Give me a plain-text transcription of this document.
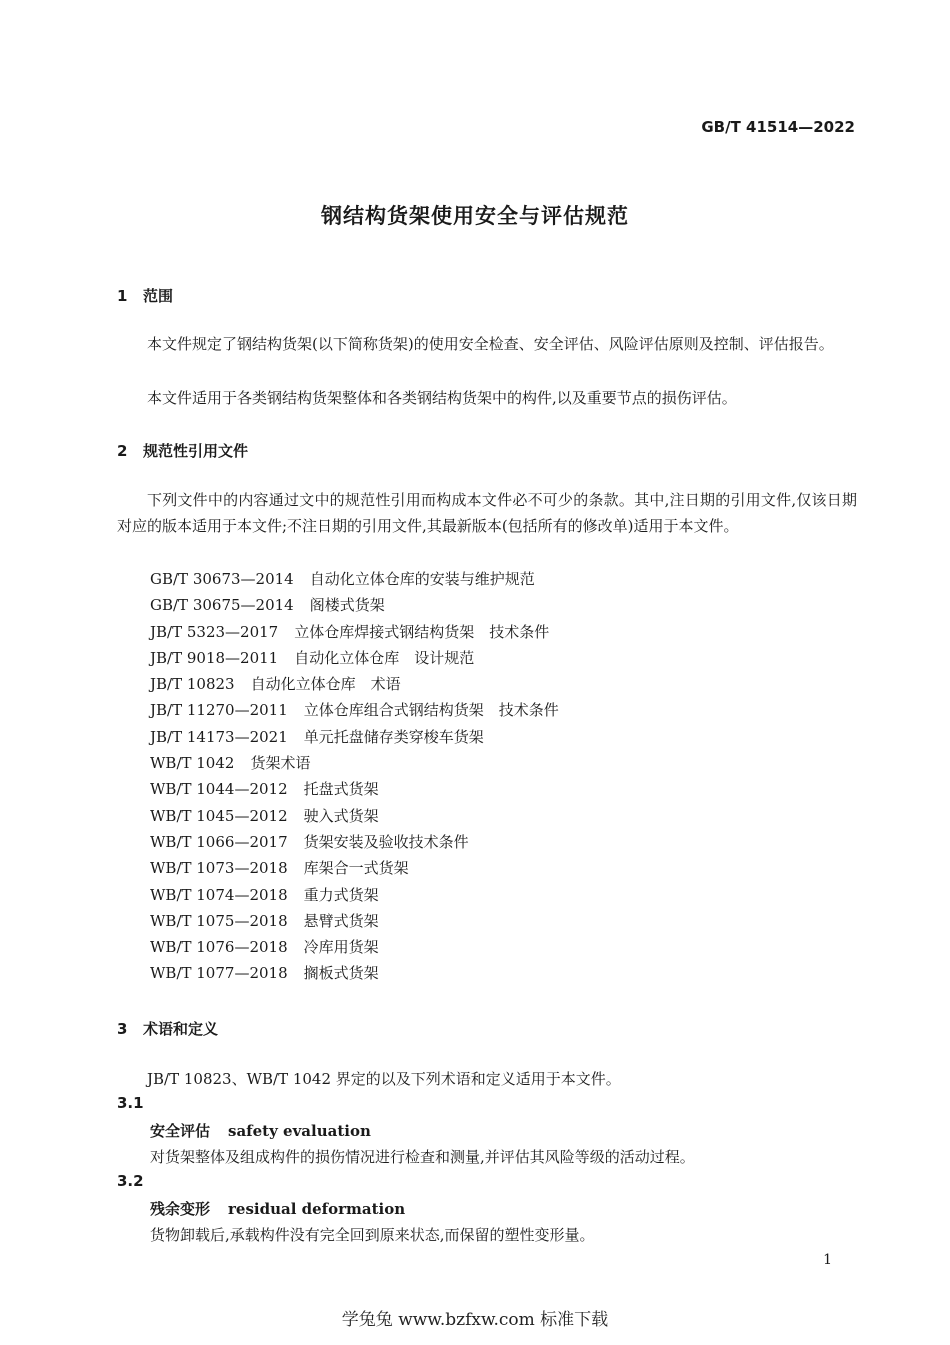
GB/T 41514—2022
钢结构货架使用安全与评估规范
1 范围
本文件规定了钢结构货架(以下简称货架)的使用安全检查、安全评估、风险评估原则及控制、评估报告。
本文件适用于各类钢结构货架整体和各类钢结构货架中的构件,以及重要节点的损伤评估。
2 规范性引用文件
下列文件中的内容通过文中的规范性引用而构成本文件必不可少的条款。其中,注日期的引用文件,仅该日期对应的版本适用于本文件;不注日期的引用文件,其最新版本(包括所有的修改单)适用于本文件。
GB/T 30673—2014 自动化立体仓库的安装与维护规范
GB/T 30675—2014 阁楼式货架
JB/T 5323—2017 立体仓库焊接式钢结构货架　技术条件
JB/T 9018—2011 自动化立体仓库　设计规范
JB/T 10823 自动化立体仓库　术语
JB/T 11270—2011 立体仓库组合式钢结构货架　技术条件
JB/T 14173—2021 单元托盘储存类穿梭车货架
WB/T 1042 货架术语
WB/T 1044—2012 托盘式货架
WB/T 1045—2012 驶入式货架
WB/T 1066—2017 货架安装及验收技术条件
WB/T 1073—2018 库架合一式货架
WB/T 1074—2018 重力式货架
WB/T 1075—2018 悬臂式货架
WB/T 1076—2018 冷库用货架
WB/T 1077—2018 搁板式货架
3 术语和定义
JB/T 10823、WB/T 1042 界定的以及下列术语和定义适用于本文件。
3.1
安全评估 safety evaluation
对货架整体及组成构件的损伤情况进行检查和测量,并评估其风险等级的活动过程。
3.2
残余变形 residual deformation
货物卸载后,承载构件没有完全回到原来状态,而保留的塑性变形量。
1
学兔兔 www.bzfxw.com 标准下载
